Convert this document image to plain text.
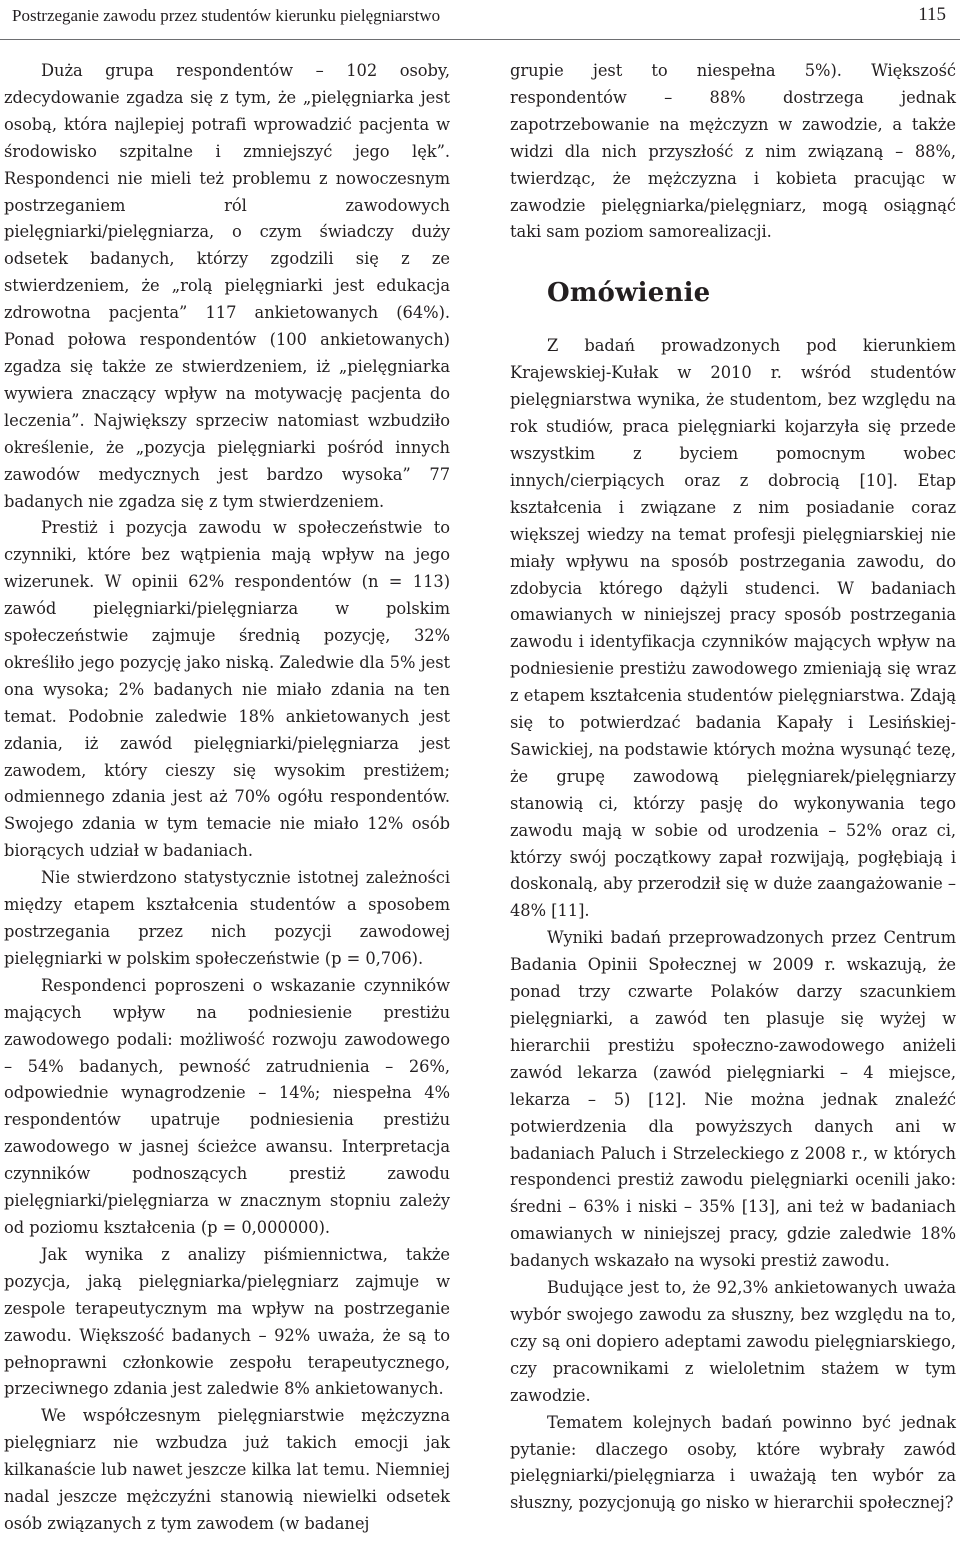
Postrzeganie zawodu przez studentów kierunku pielęgniarstwo	115

Duża grupa respondentów – 102 osoby, zdecydowanie zgadza się z tym, że „pielęgniarka jest osobą, która najlepiej potrafi wprowadzić pacjenta w środowisko szpitalne i zmniejszyć jego lęk”. Respondenci nie mieli też problemu z nowoczesnym postrzeganiem ról zawodowych pielęgniarki/pielęgniarza, o czym świadczy duży odsetek badanych, którzy zgodzili się z ze stwierdzeniem, że „rolą pielęgniarki jest edukacja zdrowotna pacjenta” 117 ankietowanych (64%). Ponad połowa respondentów (100 ankietowanych) zgadza się także ze stwierdzeniem, iż „pielęgniarka wywiera znaczący wpływ na motywację pacjenta do leczenia”. Największy sprzeciw natomiast wzbudziło określenie, że „pozycja pielęgniarki pośród innych zawodów medycznych jest bardzo wysoka” 77 badanych nie zgadza się z tym stwierdzeniem.

Prestiż i pozycja zawodu w społeczeństwie to czynniki, które bez wątpienia mają wpływ na jego wizerunek. W opinii 62% respondentów (n = 113) zawód pielęgniarki/pielęgniarza w polskim społeczeństwie zajmuje średnią pozycję, 32% określiło jego pozycję jako niską. Zaledwie dla 5% jest ona wysoka; 2% badanych nie miało zdania na ten temat. Podobnie zaledwie 18% ankietowanych jest zdania, iż zawód pielęgniarki/pielęgniarza jest zawodem, który cieszy się wysokim prestiżem; odmiennego zdania jest aż 70% ogółu respondentów. Swojego zdania w tym temacie nie miało 12% osób biorących udział w badaniach.

Nie stwierdzono statystycznie istotnej zależności między etapem kształcenia studentów a sposobem postrzegania przez nich pozycji zawodowej pielęgniarki w polskim społeczeństwie (p = 0,706).

Respondenci poproszeni o wskazanie czynników mających wpływ na podniesienie prestiżu zawodowego podali: możliwość rozwoju zawodowego – 54% badanych, pewność zatrudnienia – 26%, odpowiednie wynagrodzenie – 14%; niespełna 4% respondentów upatruje podniesienia prestiżu zawodowego w jasnej ścieżce awansu. Interpretacja czynników podnoszących prestiż zawodu pielęgniarki/pielęgniarza w znacznym stopniu zależy od poziomu kształcenia (p = 0,000000).

Jak wynika z analizy piśmiennictwa, także pozycja, jaką pielęgniarka/pielęgniarz zajmuje w zespole terapeutycznym ma wpływ na postrzeganie zawodu. Większość badanych – 92% uważa, że są to pełnoprawni członkowie zespołu terapeutycznego, przeciwnego zdania jest zaledwie 8% ankietowanych.

We współczesnym pielęgniarstwie mężczyzna pielęgniarz nie wzbudza już takich emocji jak kilkanaście lub nawet jeszcze kilka lat temu. Niemniej nadal jeszcze mężczyźni stanowią niewielki odsetek osób związanych z tym zawodem (w badanej

grupie jest to niespełna 5%). Większość respondentów – 88% dostrzega jednak zapotrzebowanie na mężczyzn w zawodzie, a także widzi dla nich przyszłość z nim związaną – 88%, twierdząc, że mężczyzna i kobieta pracując w zawodzie pielęgniarka/pielęgniarz, mogą osiągnąć taki sam poziom samorealizacji.

Omówienie

Z badań prowadzonych pod kierunkiem Krajewskiej-Kułak w 2010 r. wśród studentów pielęgniarstwa wynika, że studentom, bez względu na rok studiów, praca pielęgniarki kojarzyła się przede wszystkim z byciem pomocnym wobec innych/cierpiących oraz z dobrocią [10]. Etap kształcenia i związane z nim posiadanie coraz większej wiedzy na temat profesji pielęgniarskiej nie miały wpływu na sposób postrzegania zawodu, do zdobycia którego dążyli studenci. W badaniach omawianych w niniejszej pracy sposób postrzegania zawodu i identyfikacja czynników mających wpływ na podniesienie prestiżu zawodowego zmieniają się wraz z etapem kształcenia studentów pielęgniarstwa. Zdają się to potwierdzać badania Kapały i Lesińskiej-Sawickiej, na podstawie których można wysunąć tezę, że grupę zawodową pielęgniarek/pielęgniarzy stanowią ci, którzy pasję do wykonywania tego zawodu mają w sobie od urodzenia – 52% oraz ci, którzy swój początkowy zapał rozwijają, pogłębiają i doskonalą, aby przerodził się w duże zaangażowanie – 48% [11].

Wyniki badań przeprowadzonych przez Centrum Badania Opinii Społecznej w 2009 r. wskazują, że ponad trzy czwarte Polaków darzy szacunkiem pielęgniarki, a zawód ten plasuje się wyżej w hierarchii prestiżu społeczno-zawodowego aniżeli zawód lekarza (zawód pielęgniarki – 4 miejsce, lekarza – 5) [12]. Nie można jednak znaleźć potwierdzenia dla powyższych danych ani w badaniach Paluch i Strzeleckiego z 2008 r., w których respondenci prestiż zawodu pielęgniarki ocenili jako: średni – 63% i niski – 35% [13], ani też w badaniach omawianych w niniejszej pracy, gdzie zaledwie 18% badanych wskazało na wysoki prestiż zawodu.

Budujące jest to, że 92,3% ankietowanych uważa wybór swojego zawodu za słuszny, bez względu na to, czy są oni dopiero adeptami zawodu pielęgniarskiego, czy pracownikami z wieloletnim stażem w tym zawodzie.

Tematem kolejnych badań powinno być jednak pytanie: dlaczego osoby, które wybrały zawód pielęgniarki/pielęgniarza i uważają ten wybór za słuszny, pozycjonują go nisko w hierarchii społecznej?
